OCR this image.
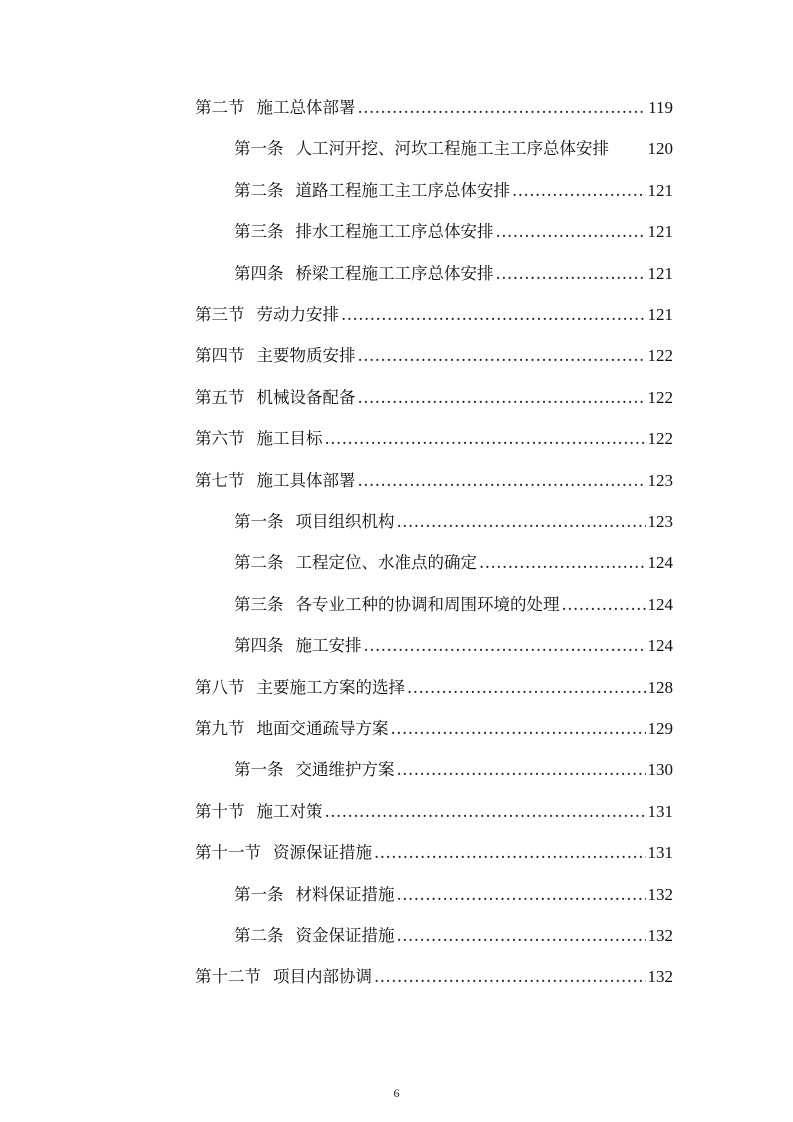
第二节 施工总体部署 .....	119
第一条 人工河开挖、河坎工程施工主工序总体安排	120
第二条 道路工程施工主工序总体安排 .....	121
第三条 排水工程施工工序总体安排 .....	121
第四条 桥梁工程施工工序总体安排 .....	121
第三节 劳动力安排 .....	121
第四节 主要物质安排 .....	122
第五节 机械设备配备 .....	122
第六节 施工目标 .....	122
第七节 施工具体部署 .....	123
第一条 项目组织机构 .....	123
第二条 工程定位、水准点的确定 .....	124
第三条 各专业工种的协调和周围环境的处理 .....	124
第四条 施工安排 .....	124
第八节 主要施工方案的选择 .....	128
第九节 地面交通疏导方案 .....	129
第一条 交通维护方案 .....	130
第十节 施工对策 .....	131
第十一节 资源保证措施 .....	131
第一条 材料保证措施 .....	132
第二条 资金保证措施 .....	132
第十二节 项目内部协调 .....	132
6
